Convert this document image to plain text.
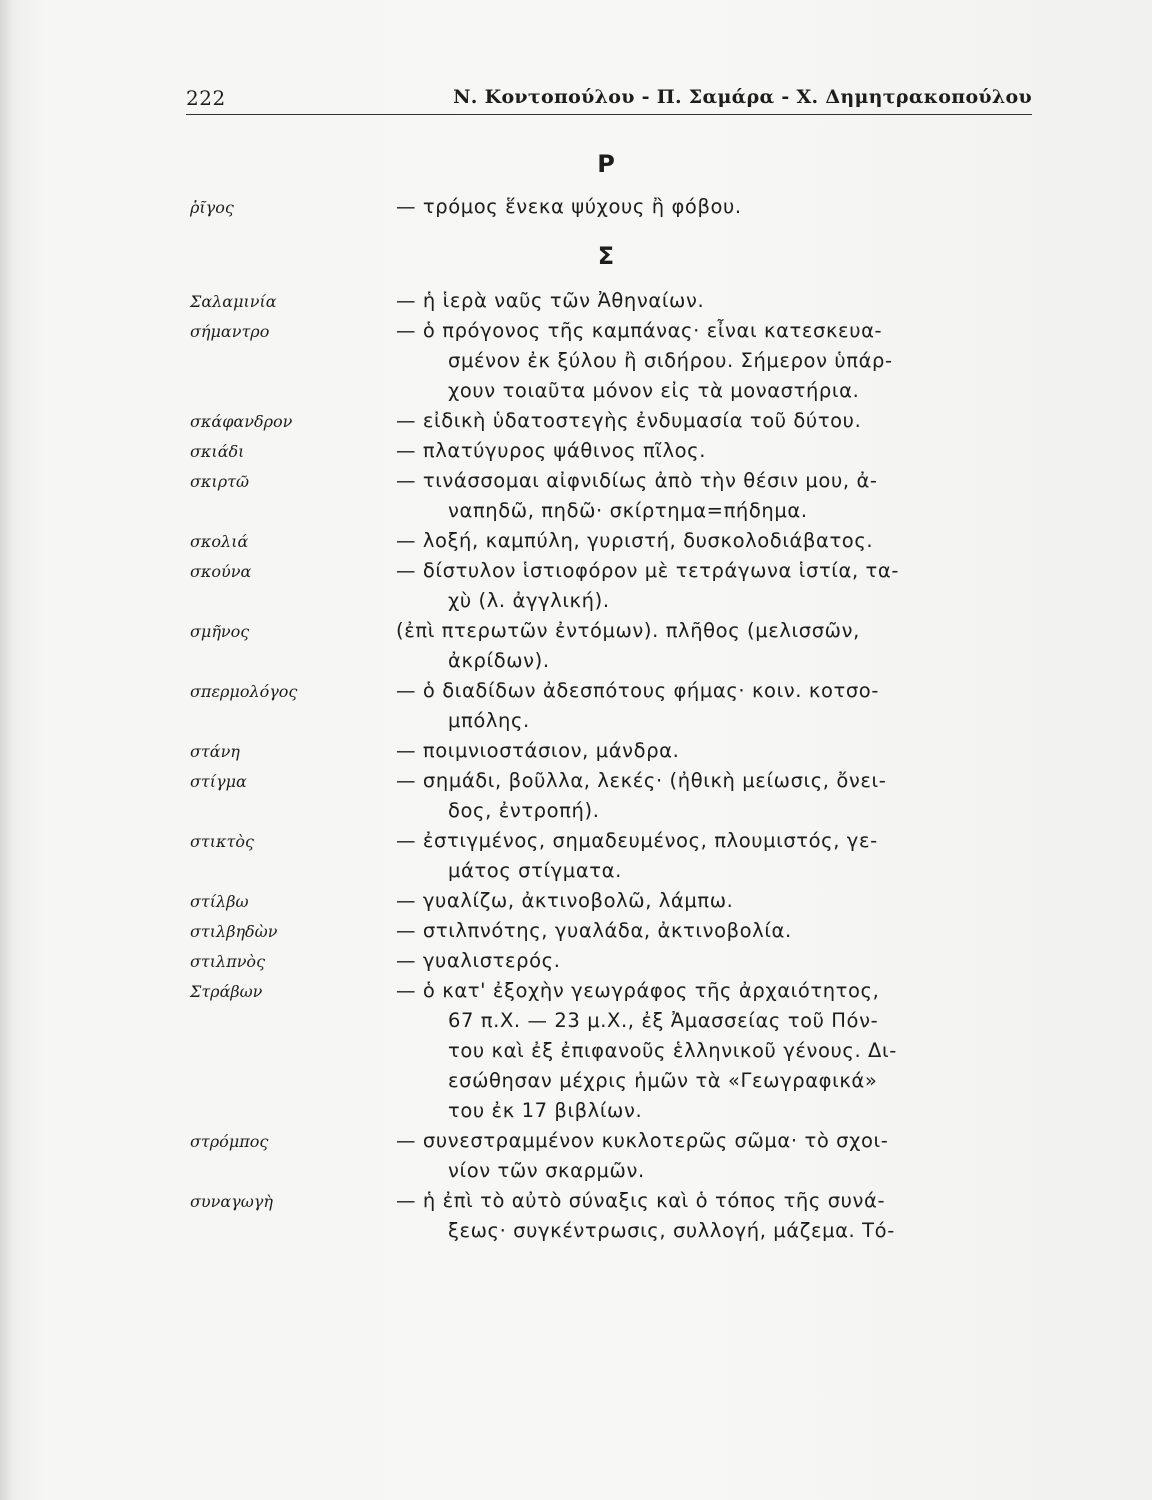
222	Ν. Κοντοπούλου - Π. Σαμάρα - Χ. Δημητρακοπούλου
Ρ
ῥῖγος	— τρόμος ἕνεκα ψύχους ἢ φόβου.
Σ
Σαλαμινία	— ἡ ἱερὰ ναῦς τῶν Ἀθηναίων.
σήμαντρο	— ὁ πρόγονος τῆς καμπάνας· εἶναι κατεσκευα-
σμένον ἐκ ξύλου ἢ σιδήρου. Σήμερον ὑπάρ-
χουν τοιαῦτα μόνον εἰς τὰ μοναστήρια.
σκάφανδρον	— εἰδικὴ ὑδατοστεγὴς ἐνδυμασία τοῦ δύτου.
σκιάδι	— πλατύγυρος ψάθινος πῖλος.
σκιρτῶ	— τινάσσομαι αἰφνιδίως ἀπὸ τὴν θέσιν μου, ἀ-
ναπηδῶ, πηδῶ· σκίρτημα=πήδημα.
σκολιά	— λοξή, καμπύλη, γυριστή, δυσκολοδιάβατος.
σκούνα	— δίστυλον ἱστιοφόρον μὲ τετράγωνα ἱστία, τα-
χὺ (λ. ἀγγλική).
σμῆνος	(ἐπὶ πτερωτῶν ἐντόμων). πλῆθος (μελισσῶν,
ἀκρίδων).
σπερμολόγος	— ὁ διαδίδων ἀδεσπότους φήμας· κοιν. κοτσο-
μπόλης.
στάνη	— ποιμνιοστάσιον, μάνδρα.
στίγμα	— σημάδι, βοῦλλα, λεκές· (ἠθικὴ μείωσις, ὄνει-
δος, ἐντροπή).
στικτὸς	— ἐστιγμένος, σημαδευμένος, πλουμιστός, γε-
μάτος στίγματα.
στίλβω	— γυαλίζω, ἀκτινοβολῶ, λάμπω.
στιλβηδὼν	— στιλπνότης, γυαλάδα, ἀκτινοβολία.
στιλπνὸς	— γυαλιστερός.
Στράβων	— ὁ κατ' ἐξοχὴν γεωγράφος τῆς ἀρχαιότητος,
67 π.Χ. — 23 μ.Χ., ἐξ Ἀμασσείας τοῦ Πόν-
του καὶ ἐξ ἐπιφανοῦς ἑλληνικοῦ γένους. Δι-
εσώθησαν μέχρις ἡμῶν τὰ «Γεωγραφικά»
του ἐκ 17 βιβλίων.
στρόμπος	— συνεστραμμένον κυκλοτερῶς σῶμα· τὸ σχοι-
νίον τῶν σκαρμῶν.
συναγωγὴ	— ἡ ἐπὶ τὸ αὐτὸ σύναξις καὶ ὁ τόπος τῆς συνά-
ξεως· συγκέντρωσις, συλλογή, μάζεμα. Τό-
